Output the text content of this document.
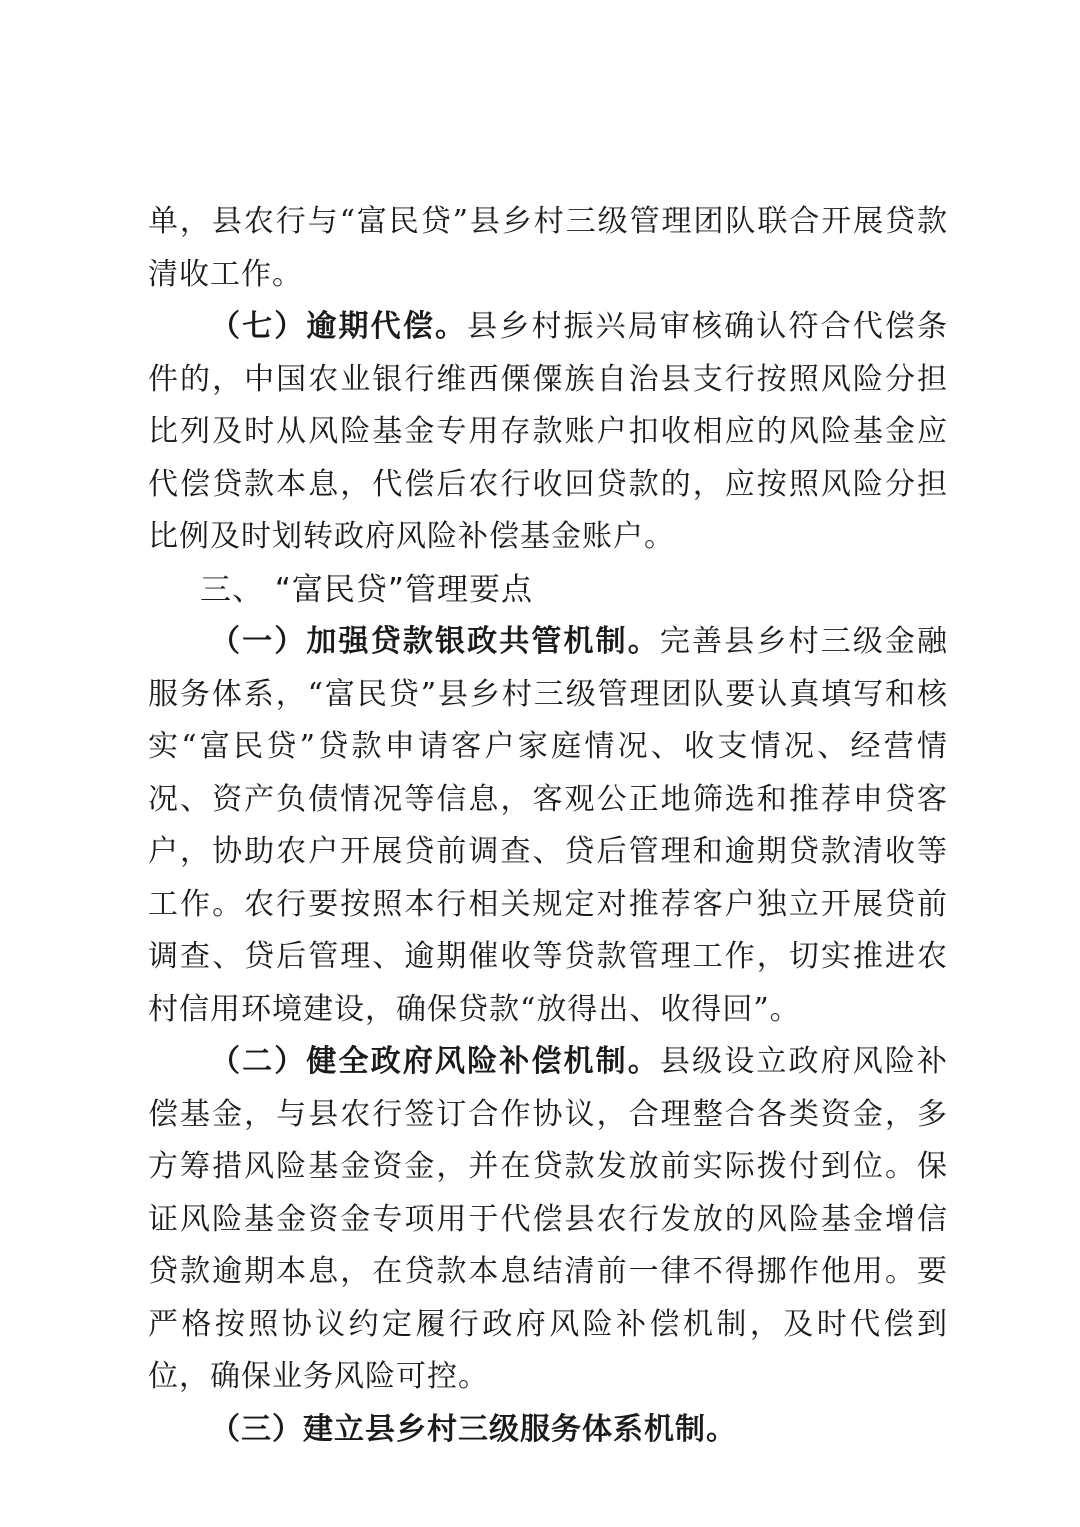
单，县农行与“富民贷”县乡村三级管理团队联合开展贷款清收工作。

（七）逾期代偿。县乡村振兴局审核确认符合代偿条件的，中国农业银行维西傈僳族自治县支行按照风险分担比列及时从风险基金专用存款账户扣收相应的风险基金应代偿贷款本息，代偿后农行收回贷款的，应按照风险分担比例及时划转政府风险补偿基金账户。

三、 “富民贷”管理要点

（一）加强贷款银政共管机制。完善县乡村三级金融服务体系，“富民贷”县乡村三级管理团队要认真填写和核实“富民贷”贷款申请客户家庭情况、收支情况、经营情况、资产负债情况等信息，客观公正地筛选和推荐申贷客户，协助农户开展贷前调查、贷后管理和逾期贷款清收等工作。农行要按照本行相关规定对推荐客户独立开展贷前调查、贷后管理、逾期催收等贷款管理工作，切实推进农村信用环境建设，确保贷款“放得出、收得回”。

（二）健全政府风险补偿机制。县级设立政府风险补偿基金，与县农行签订合作协议，合理整合各类资金，多方筹措风险基金资金，并在贷款发放前实际拨付到位。保证风险基金资金专项用于代偿县农行发放的风险基金增信贷款逾期本息，在贷款本息结清前一律不得挪作他用。要严格按照协议约定履行政府风险补偿机制，及时代偿到位，确保业务风险可控。

（三）建立县乡村三级服务体系机制。
